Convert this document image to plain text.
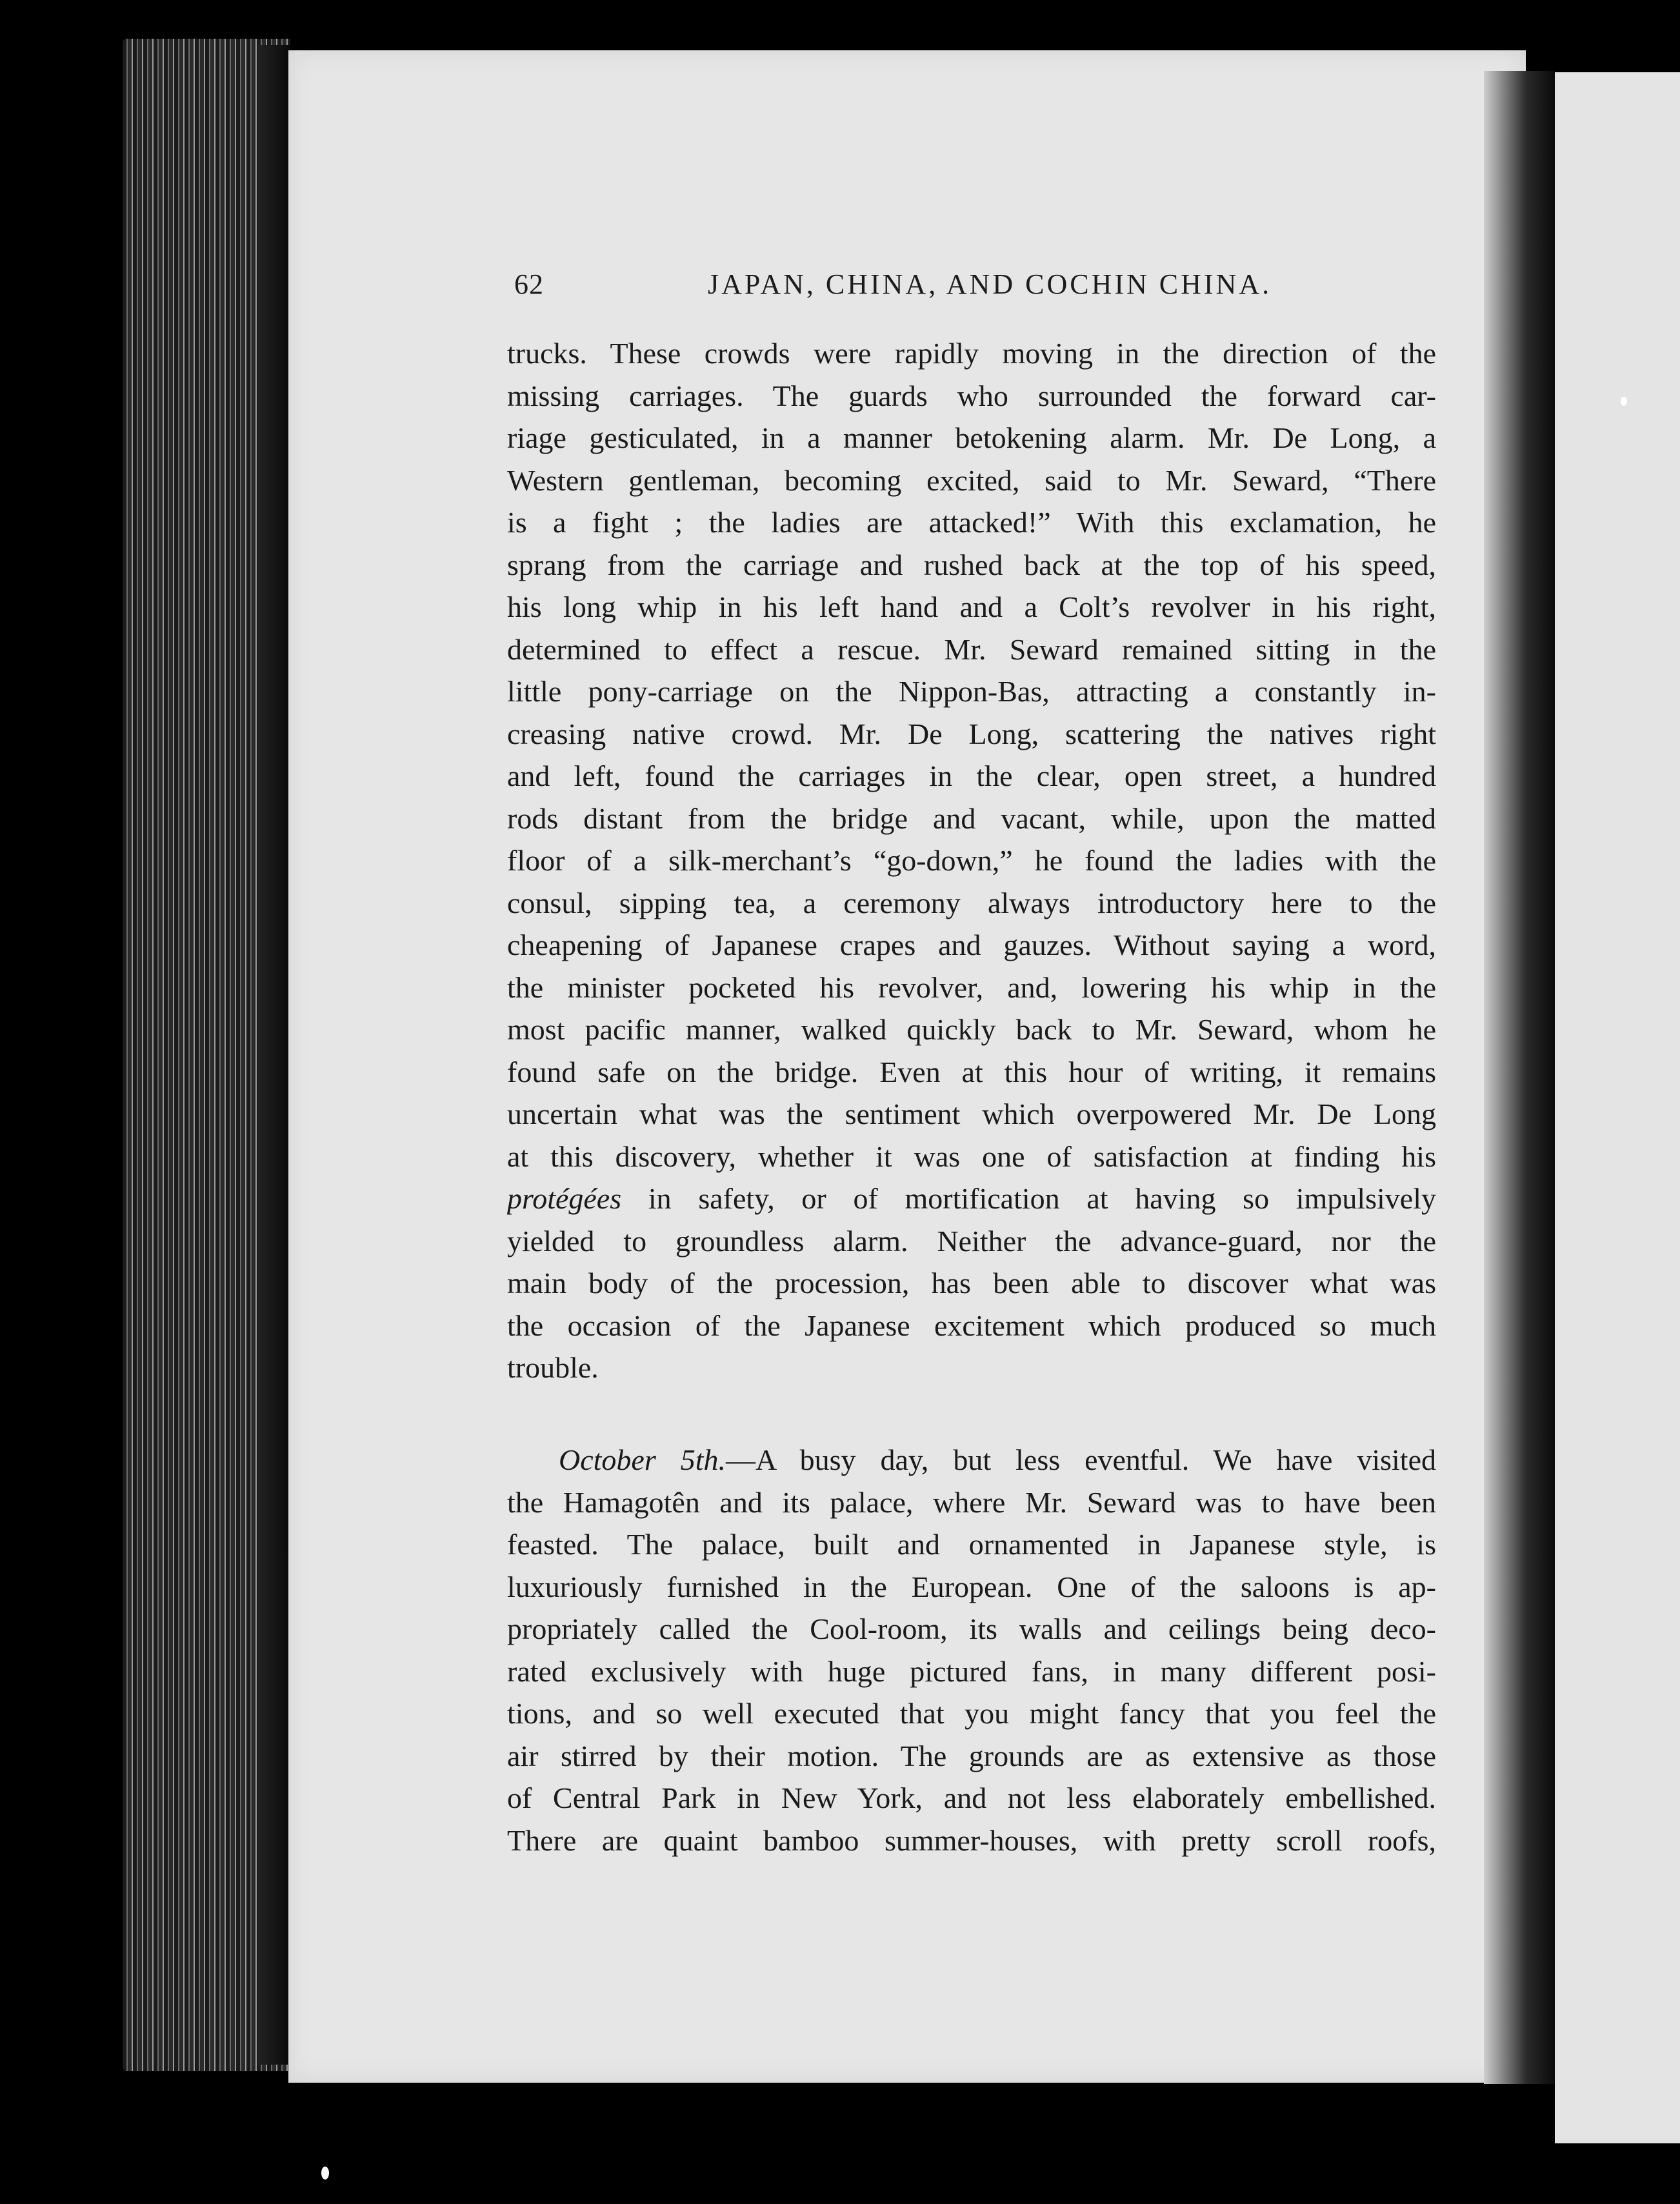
62	JAPAN, CHINA, AND COCHIN CHINA.
trucks. These crowds were rapidly moving in the direction of the
missing carriages. The guards who surrounded the forward car-
riage gesticulated, in a manner betokening alarm. Mr. De Long, a
Western gentleman, becoming excited, said to Mr. Seward, “There
is a fight ; the ladies are attacked!” With this exclamation, he
sprang from the carriage and rushed back at the top of his speed,
his long whip in his left hand and a Colt’s revolver in his right,
determined to effect a rescue. Mr. Seward remained sitting in the
little pony-carriage on the Nippon-Bas, attracting a constantly in-
creasing native crowd. Mr. De Long, scattering the natives right
and left, found the carriages in the clear, open street, a hundred
rods distant from the bridge and vacant, while, upon the matted
floor of a silk-merchant’s “go-down,” he found the ladies with the
consul, sipping tea, a ceremony always introductory here to the
cheapening of Japanese crapes and gauzes. Without saying a word,
the minister pocketed his revolver, and, lowering his whip in the
most pacific manner, walked quickly back to Mr. Seward, whom he
found safe on the bridge. Even at this hour of writing, it remains
uncertain what was the sentiment which overpowered Mr. De Long
at this discovery, whether it was one of satisfaction at finding his
protégées in safety, or of mortification at having so impulsively
yielded to groundless alarm. Neither the advance-guard, nor the
main body of the procession, has been able to discover what was
the occasion of the Japanese excitement which produced so much
trouble.
October 5th.—A busy day, but less eventful. We have visited
the Hamagotên and its palace, where Mr. Seward was to have been
feasted. The palace, built and ornamented in Japanese style, is
luxuriously furnished in the European. One of the saloons is ap-
propriately called the Cool-room, its walls and ceilings being deco-
rated exclusively with huge pictured fans, in many different posi-
tions, and so well executed that you might fancy that you feel the
air stirred by their motion. The grounds are as extensive as those
of Central Park in New York, and not less elaborately embellished.
There are quaint bamboo summer-houses, with pretty scroll roofs,
